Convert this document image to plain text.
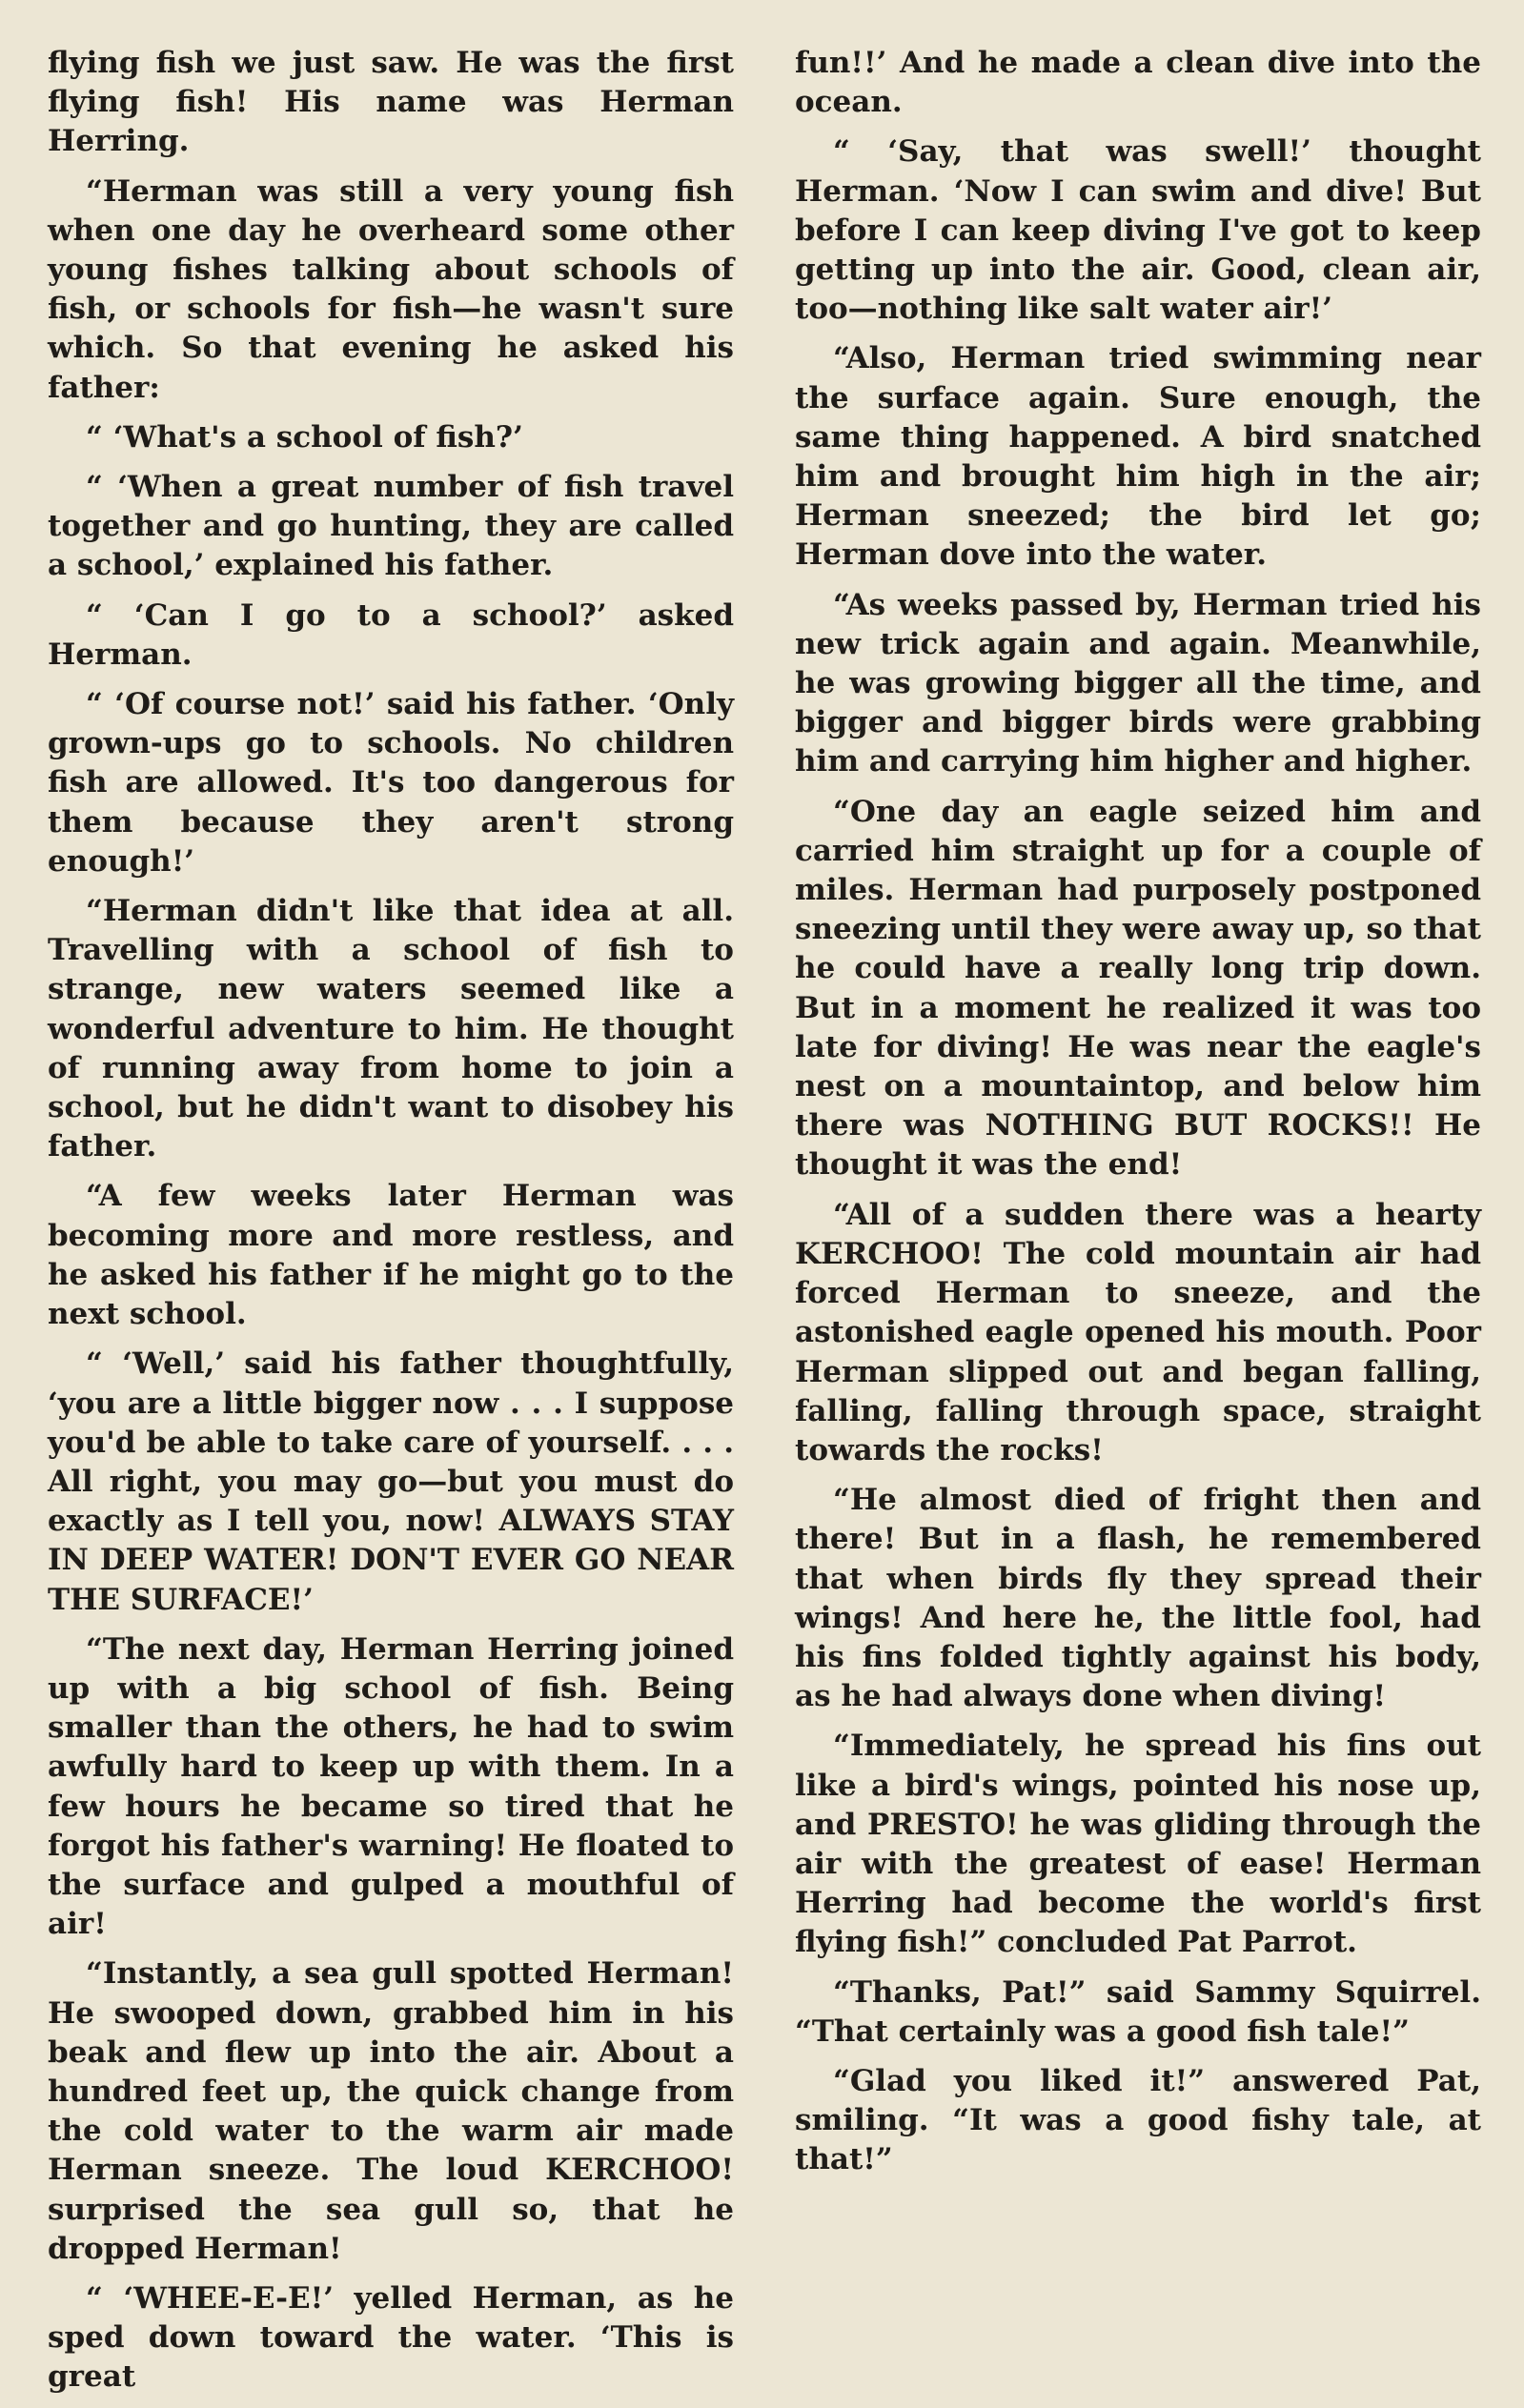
flying fish we just saw. He was the first flying fish! His name was Herman Herring.

“Herman was still a very young fish when one day he overheard some other young fishes talking about schools of fish, or schools for fish—he wasn't sure which. So that evening he asked his father:

“ ‘What's a school of fish?’

“ ‘When a great number of fish travel together and go hunting, they are called a school,’ explained his father.

“ ‘Can I go to a school?’ asked Herman.

“ ‘Of course not!’ said his father. ‘Only grown-ups go to schools. No children fish are allowed. It's too dangerous for them because they aren't strong enough!’

“Herman didn't like that idea at all. Travelling with a school of fish to strange, new waters seemed like a wonderful adventure to him. He thought of running away from home to join a school, but he didn't want to disobey his father.

“A few weeks later Herman was becoming more and more restless, and he asked his father if he might go to the next school.

“ ‘Well,’ said his father thoughtfully, ‘you are a little bigger now . . . I suppose you'd be able to take care of yourself. . . . All right, you may go—but you must do exactly as I tell you, now! ALWAYS STAY IN DEEP WATER! DON'T EVER GO NEAR THE SURFACE!’

“The next day, Herman Herring joined up with a big school of fish. Being smaller than the others, he had to swim awfully hard to keep up with them. In a few hours he became so tired that he forgot his father's warning! He floated to the surface and gulped a mouthful of air!

“Instantly, a sea gull spotted Herman! He swooped down, grabbed him in his beak and flew up into the air. About a hundred feet up, the quick change from the cold water to the warm air made Herman sneeze. The loud KERCHOO! surprised the sea gull so, that he dropped Herman!

“ ‘WHEE-E-E!’ yelled Herman, as he sped down toward the water. ‘This is great

fun!!’ And he made a clean dive into the ocean.

“ ‘Say, that was swell!’ thought Herman. ‘Now I can swim and dive! But before I can keep diving I've got to keep getting up into the air. Good, clean air, too—nothing like salt water air!’

“Also, Herman tried swimming near the surface again. Sure enough, the same thing happened. A bird snatched him and brought him high in the air; Herman sneezed; the bird let go; Herman dove into the water.

“As weeks passed by, Herman tried his new trick again and again. Meanwhile, he was growing bigger all the time, and bigger and bigger birds were grabbing him and carrying him higher and higher.

“One day an eagle seized him and carried him straight up for a couple of miles. Herman had purposely postponed sneezing until they were away up, so that he could have a really long trip down. But in a moment he realized it was too late for diving! He was near the eagle's nest on a mountaintop, and below him there was NOTHING BUT ROCKS!! He thought it was the end!

“All of a sudden there was a hearty KERCHOO! The cold mountain air had forced Herman to sneeze, and the astonished eagle opened his mouth. Poor Herman slipped out and began falling, falling, falling through space, straight towards the rocks!

“He almost died of fright then and there! But in a flash, he remembered that when birds fly they spread their wings! And here he, the little fool, had his fins folded tightly against his body, as he had always done when diving!

“Immediately, he spread his fins out like a bird's wings, pointed his nose up, and PRESTO! he was gliding through the air with the greatest of ease! Herman Herring had become the world's first flying fish!” concluded Pat Parrot.

“Thanks, Pat!” said Sammy Squirrel. “That certainly was a good fish tale!”

“Glad you liked it!” answered Pat, smiling. “It was a good fishy tale, at that!”
